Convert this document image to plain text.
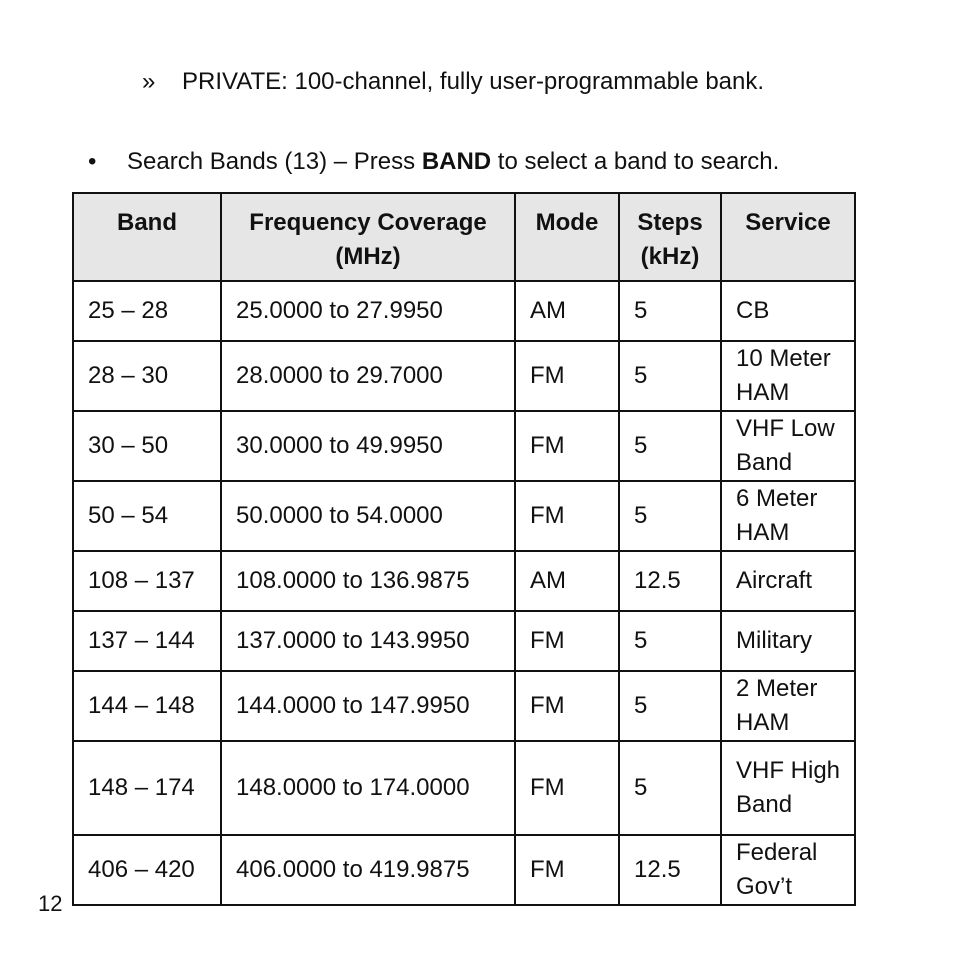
» PRIVATE: 100-channel, fully user-programmable bank.
• Search Bands (13) – Press BAND to select a band to search.
Band	Frequency Coverage (MHz)	Mode	Steps (kHz)	Service
25 – 28	25.0000 to 27.9950	AM	5	CB
28 – 30	28.0000 to 29.7000	FM	5	10 Meter HAM
30 – 50	30.0000 to 49.9950	FM	5	VHF Low Band
50 – 54	50.0000 to 54.0000	FM	5	6 Meter HAM
108 – 137	108.0000 to 136.9875	AM	12.5	Aircraft
137 – 144	137.0000 to 143.9950	FM	5	Military
144 – 148	144.0000 to 147.9950	FM	5	2 Meter HAM
148 – 174	148.0000 to 174.0000	FM	5	VHF High Band
406 – 420	406.0000 to 419.9875	FM	12.5	Federal Gov’t
12
